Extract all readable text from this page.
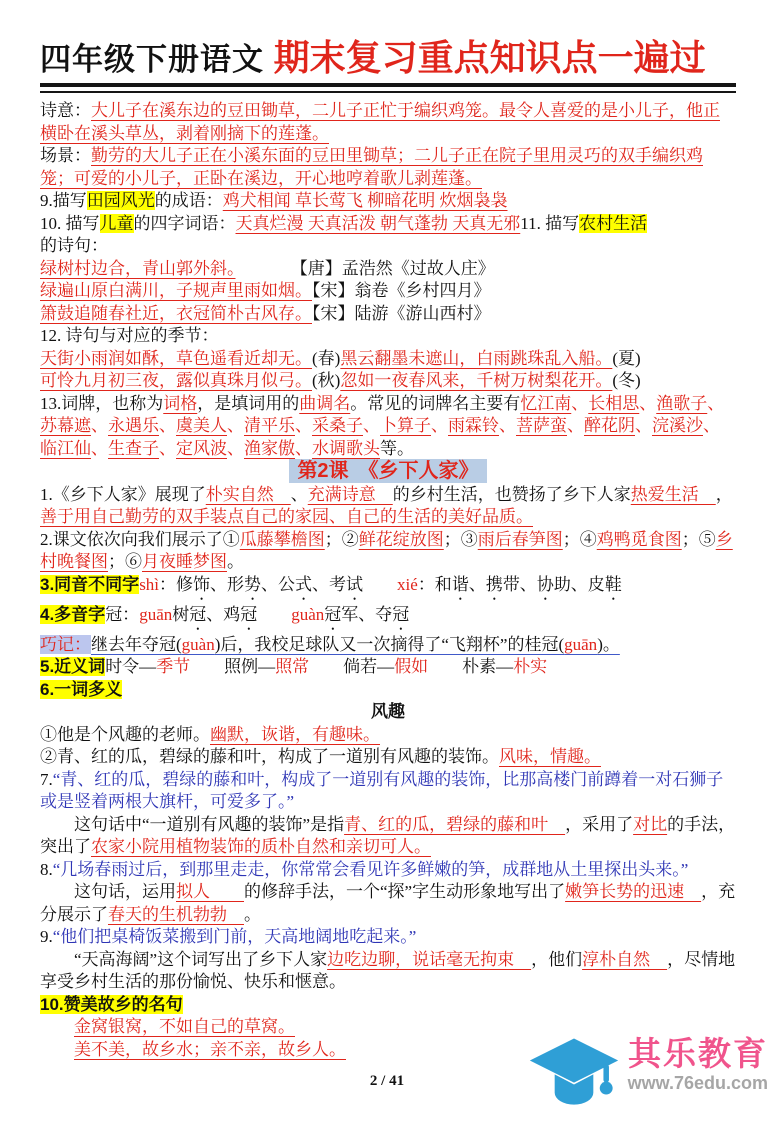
四年级下册语文 期末复习重点知识点一遍过
诗意：大儿子在溪东边的豆田锄草，二儿子正忙于编织鸡笼。最令人喜爱的是小儿子，他正横卧在溪头草丛，剥着刚摘下的莲蓬。
场景：勤劳的大儿子正在小溪东面的豆田里锄草；二儿子正在院子里用灵巧的双手编织鸡笼；可爱的小儿子，正卧在溪边，开心地哼着歌儿剥莲蓬。
9.描写田园风光的成语：鸡犬相闻 草长莺飞 柳暗花明 炊烟袅袅
10. 描写儿童的四字词语：天真烂漫 天真活泼 朝气蓬勃 天真无邪11. 描写农村生活
的诗句：
绿树村边合，青山郭外斜。　　　 【唐】孟浩然《过故人庄》
绿遍山原白满川，子规声里雨如烟。【宋】翁卷《乡村四月》
箫鼓追随春社近，衣冠简朴古风存。【宋】陆游《游山西村》
12. 诗句与对应的季节：
天街小雨润如酥，草色遥看近却无。(春)黑云翻墨未遮山，白雨跳珠乱入船。(夏)
可怜九月初三夜，露似真珠月似弓。(秋)忽如一夜春风来，千树万树梨花开。(冬)
13.词牌，也称为词格，是填词用的曲调名。常见的词牌名主要有忆江南、长相思、渔歌子、苏幕遮、永遇乐、虞美人、清平乐、采桑子、卜算子、雨霖铃、菩萨蛮、醉花阴、浣溪沙、临江仙、生查子、定风波、渔家傲、水调歌头等。
第2课　《乡下人家》
1.《乡下人家》展现了朴实自然　、充满诗意　的乡村生活，也赞扬了乡下人家热爱生活　，善于用自己勤劳的双手装点自己的家园、自己的生活的美好品质。
2.课文依次向我们展示了①瓜藤攀檐图；②鲜花绽放图；③雨后春笋图；④鸡鸭觅食图；⑤乡村晚餐图；⑥月夜睡梦图。
3.同音不同字shì：修饰、形势、公式、考试　　 xié：和谐、携带、协助、皮鞋
4.多音字冠：guān树冠、鸡冠　　 guàn冠军、夺冠
巧记：继去年夺冠(guàn)后，我校足球队又一次摘得了“飞翔杯”的桂冠(guān)。
5.近义词时令—季节　　照例—照常　　倘若—假如　　朴素—朴实
6.一词多义
风趣
①他是个风趣的老师。幽默，诙谐，有趣味。
②青、红的瓜，碧绿的藤和叶，构成了一道别有风趣的装饰。风味，情趣。
7.“青、红的瓜，碧绿的藤和叶，构成了一道别有风趣的装饰，比那高楼门前蹲着一对石狮子或是竖着两根大旗杆，可爱多了。”
这句话中“一道别有风趣的装饰”是指青、红的瓜，碧绿的藤和叶　，采用了对比的手法，突出了农家小院用植物装饰的质朴自然和亲切可人。
8.“几场春雨过后，到那里走走，你常常会看见许多鲜嫩的笋，成群地从土里探出头来。”
这句话，运用拟人　　的修辞手法，一个“探”字生动形象地写出了嫩笋长势的迅速　，充分展示了春天的生机勃勃　。
9.“他们把桌椅饭菜搬到门前，天高地阔地吃起来。”
“天高海阔”这个词写出了乡下人家边吃边聊，说话毫无拘束　，他们淳朴自然　，尽情地享受乡村生活的那份愉悦、快乐和惬意。
10.赞美故乡的名句
金窝银窝，不如自己的草窝。
美不美，故乡水；亲不亲，故乡人。
2 / 41
其乐教育
www.76edu.com
